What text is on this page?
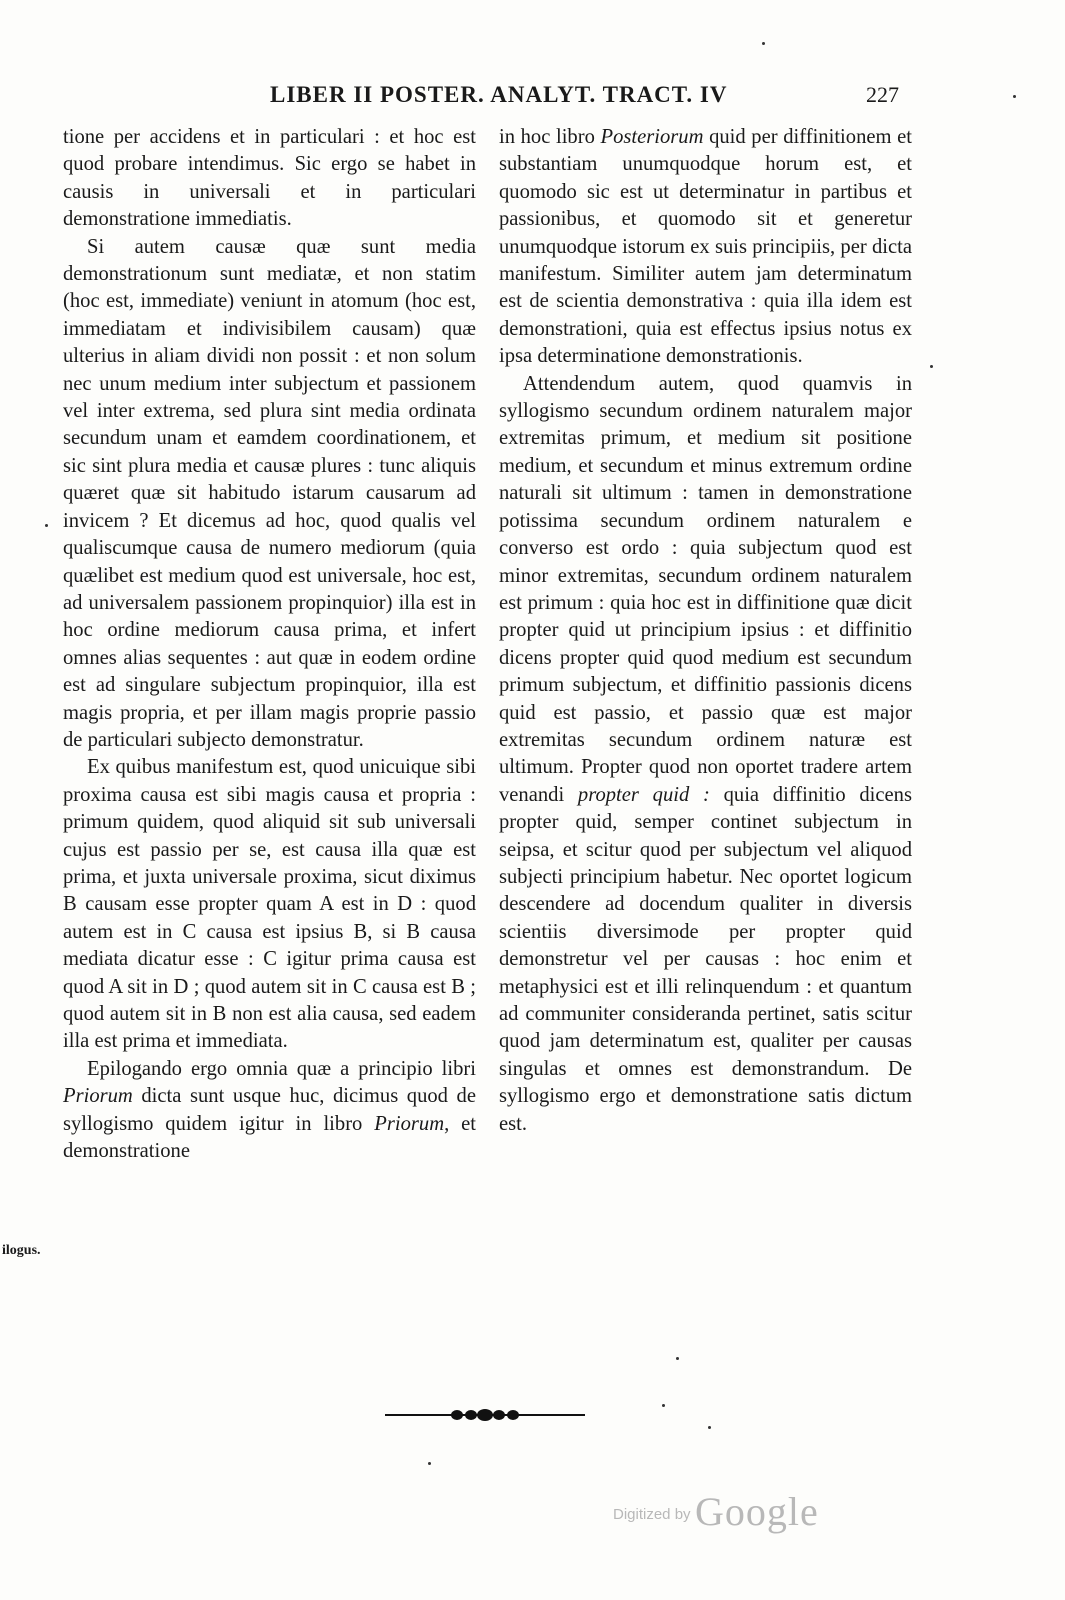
LIBER II POSTER. ANALYT. TRACT. IV	227

tione per accidens et in particulari : et hoc est quod probare intendimus. Sic ergo se habet in causis in universali et in particulari demonstratione immediatis.

Si autem causæ quæ sunt media demonstrationum sunt mediatæ, et non statim (hoc est, immediate) veniunt in atomum (hoc est, immediatam et indivisibilem causam) quæ ulterius in aliam dividi non possit : et non solum nec unum medium inter subjectum et passionem vel inter extrema, sed plura sint media ordinata secundum unam et eamdem coordinationem, et sic sint plura media et causæ plures : tunc aliquis quæret quæ sit habitudo istarum causarum ad invicem ? Et dicemus ad hoc, quod qualis vel qualiscumque causa de numero mediorum (quia quælibet est medium quod est universale, hoc est, ad universalem passionem propinquior) illa est in hoc ordine mediorum causa prima, et infert omnes alias sequentes : aut quæ in eodem ordine est ad singulare subjectum propinquior, illa est magis propria, et per illam magis proprie passio de particulari subjecto demonstratur.

Ex quibus manifestum est, quod unicuique sibi proxima causa est sibi magis causa et propria : primum quidem, quod aliquid sit sub universali cujus est passio per se, est causa illa quæ est prima, et juxta universale proxima, sicut diximus B causam esse propter quam A est in D : quod autem est in C causa est ipsius B, si B causa mediata dicatur esse : C igitur prima causa est quod A sit in D ; quod autem sit in C causa est B ; quod autem sit in B non est alia causa, sed eadem illa est prima et immediata.

Epilogando ergo omnia quæ a principio libri Priorum dicta sunt usque huc, dicimus quod de syllogismo quidem igitur in libro Priorum, et demonstratione

in hoc libro Posteriorum quid per diffinitionem et substantiam unumquodque horum est, et quomodo sic est ut determinatur in partibus et passionibus, et quomodo sit et generetur unumquodque istorum ex suis principiis, per dicta manifestum. Similiter autem jam determinatum est de scientia demonstrativa : quia illa idem est demonstrationi, quia est effectus ipsius notus ex ipsa determinatione demonstrationis.

Attendendum autem, quod quamvis in syllogismo secundum ordinem naturalem major extremitas primum, et medium sit positione medium, et secundum et minus extremum ordine naturali sit ultimum : tamen in demonstratione potissima secundum ordinem naturalem e converso est ordo : quia subjectum quod est minor extremitas, secundum ordinem naturalem est primum : quia hoc est in diffinitione quæ dicit propter quid ut principium ipsius : et diffinitio dicens propter quid quod medium est secundum primum subjectum, et diffinitio passionis dicens quid est passio, et passio quæ est major extremitas secundum ordinem naturæ est ultimum. Propter quod non oportet tradere artem venandi propter quid : quia diffinitio dicens propter quid, semper continet subjectum in seipsa, et scitur quod per subjectum vel aliquod subjecti principium habetur. Nec oportet logicum descendere ad docendum qualiter in diversis scientiis diversimode per propter quid demonstretur vel per causas : hoc enim et metaphysici est et illi relinquendum : et quantum ad communiter consideranda pertinet, satis scitur quod jam determinatum est, qualiter per causas singulas et omnes est demonstrandum. De syllogismo ergo et demonstratione satis dictum est.

ilogus.
Digitized by Google
